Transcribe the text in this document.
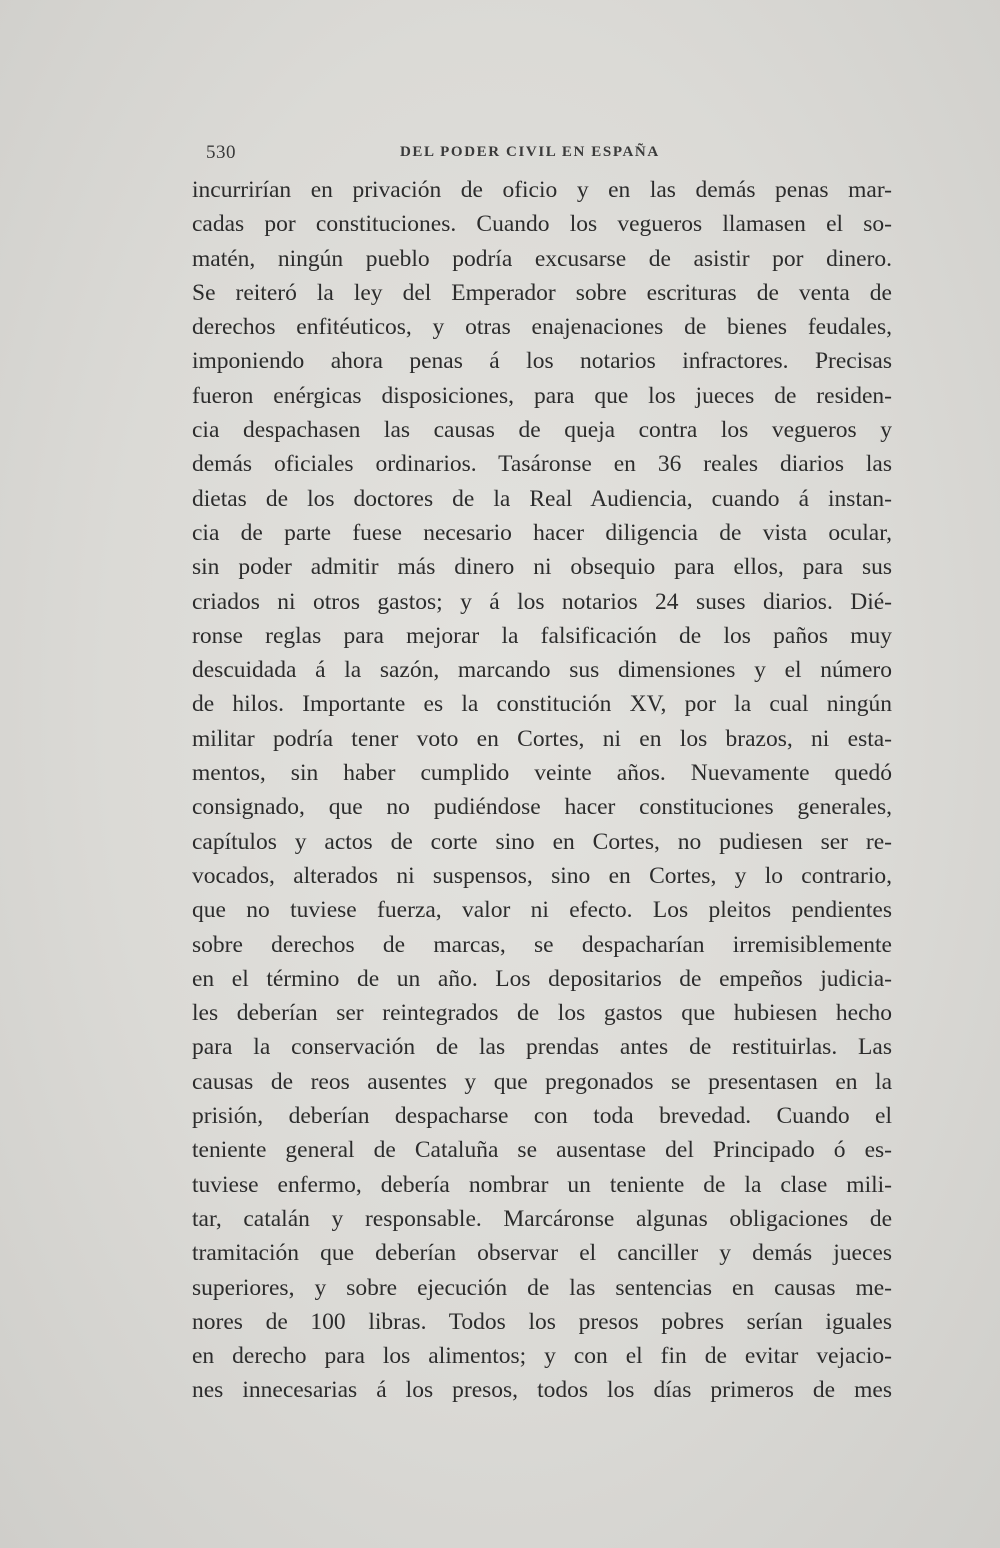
530	DEL PODER CIVIL EN ESPAÑA
incurrirían en privación de oficio y en las demás penas mar-
cadas por constituciones. Cuando los vegueros llamasen el so-
matén, ningún pueblo podría excusarse de asistir por dinero.
Se reiteró la ley del Emperador sobre escrituras de venta de
derechos enfitéuticos, y otras enajenaciones de bienes feudales,
imponiendo ahora penas á los notarios infractores. Precisas
fueron enérgicas disposiciones, para que los jueces de residen-
cia despachasen las causas de queja contra los vegueros y
demás oficiales ordinarios. Tasáronse en 36 reales diarios las
dietas de los doctores de la Real Audiencia, cuando á instan-
cia de parte fuese necesario hacer diligencia de vista ocular,
sin poder admitir más dinero ni obsequio para ellos, para sus
criados ni otros gastos; y á los notarios 24 suses diarios. Dié-
ronse reglas para mejorar la falsificación de los paños muy
descuidada á la sazón, marcando sus dimensiones y el número
de hilos. Importante es la constitución XV, por la cual ningún
militar podría tener voto en Cortes, ni en los brazos, ni esta-
mentos, sin haber cumplido veinte años. Nuevamente quedó
consignado, que no pudiéndose hacer constituciones generales,
capítulos y actos de corte sino en Cortes, no pudiesen ser re-
vocados, alterados ni suspensos, sino en Cortes, y lo contrario,
que no tuviese fuerza, valor ni efecto. Los pleitos pendientes
sobre derechos de marcas, se despacharían irremisiblemente
en el término de un año. Los depositarios de empeños judicia-
les deberían ser reintegrados de los gastos que hubiesen hecho
para la conservación de las prendas antes de restituirlas. Las
causas de reos ausentes y que pregonados se presentasen en la
prisión, deberían despacharse con toda brevedad. Cuando el
teniente general de Cataluña se ausentase del Principado ó es-
tuviese enfermo, debería nombrar un teniente de la clase mili-
tar, catalán y responsable. Marcáronse algunas obligaciones de
tramitación que deberían observar el canciller y demás jueces
superiores, y sobre ejecución de las sentencias en causas me-
nores de 100 libras. Todos los presos pobres serían iguales
en derecho para los alimentos; y con el fin de evitar vejacio-
nes innecesarias á los presos, todos los días primeros de mes
